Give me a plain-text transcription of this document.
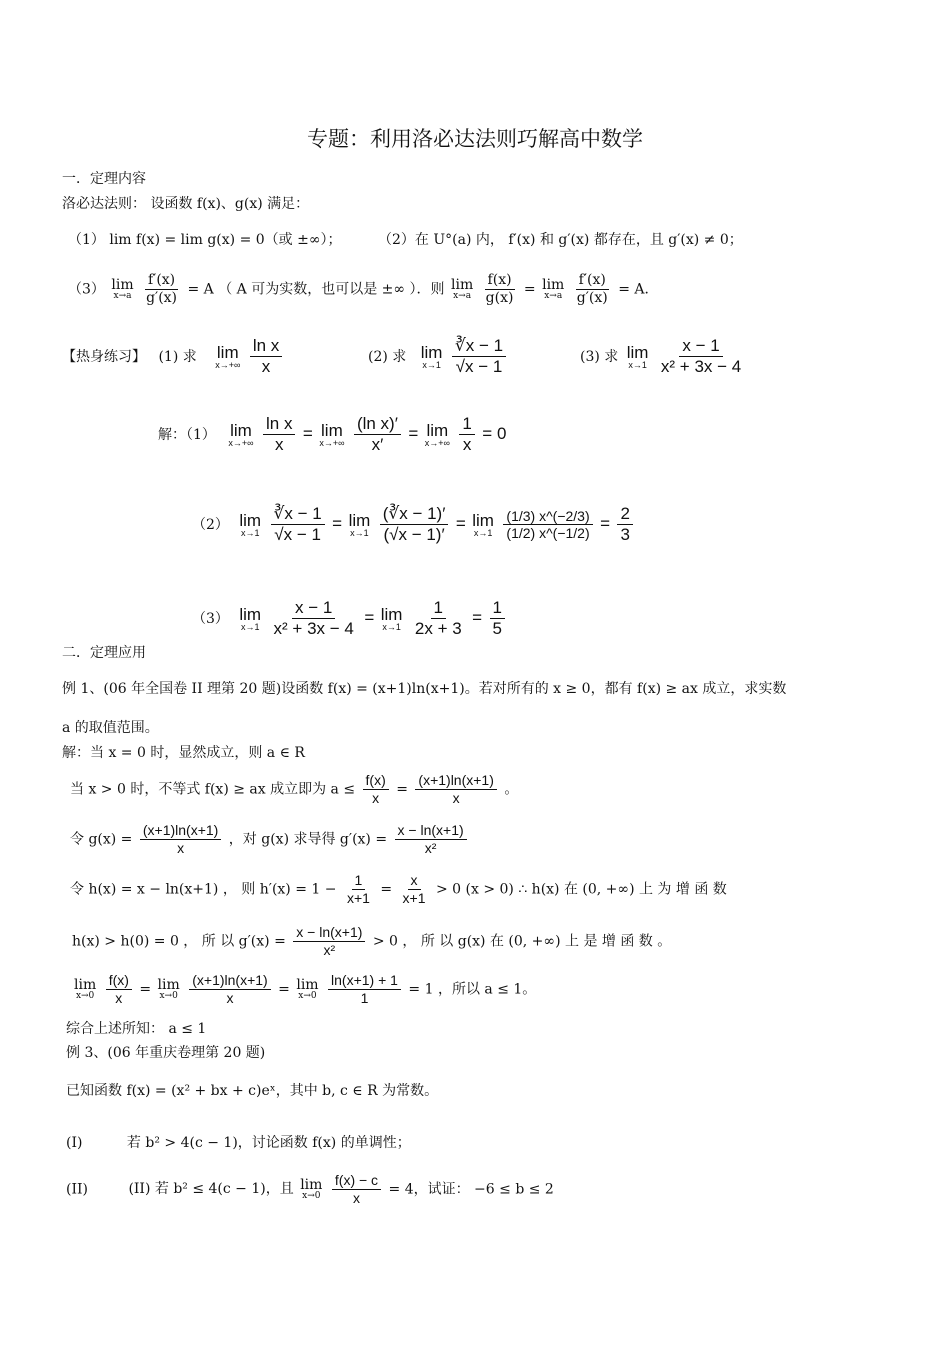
专题：利用洛必达法则巧解高中数学
一．定理内容
洛必达法则： 设函数 f(x)、g(x) 满足：
（1） lim f(x) = lim g(x) = 0（或 ±∞）；	（2）在 U°(a) 内， f′(x) 和 g′(x) 都存在，且 g′(x) ≠ 0；
（3） lim
x→a
$\frac{f'(x)}{g'(x)} = A$ （ A 可为实数，也可以是 ±∞ ）．则 lim
x→a
$\frac{f(x)}{g(x)} = \lim$
x→a
$\frac{f'(x)}{g'(x)} = A$．
【热身练习】 (1) 求 lim
x→+∞
$\frac{\text{ln x}}{x}$	(2) 求 lim
x→1
$\frac{∛x - 1}{√x - 1}$	(3) 求 lim
x→1
$\frac{x - 1}{\text{x² + 3x − 4}}$
解：（1） lim
x→+∞
$\frac{\text{ln x}}{x} = \lim$
x→+∞
$\frac{\text{(ln x)′}}{x'} = \lim$
x→+∞
$\frac{1}{x} = 0$
（2） lim
x→1
$\frac{∛x - 1}{√x - 1} = \lim$
x→1
$\frac{(∛x - 1)'}{(√x - 1)'} = \lim$
x→1
$\frac{(1/3) x\^{}(-2/3)}{(1/2) x\^{}(-1/2)} = \frac{2}{3}$
（3） lim
x→1
$\frac{x - 1}{\text{x² + 3x − 4}} = \lim$
x→1
$\frac{1}{2x + 3} = \frac{1}{5}$
二．定理应用
例 1、(06 年全国卷 II 理第 20 题)设函数 f(x) = (x+1)ln(x+1)。若对所有的 x ≥ 0，都有 f(x) ≥ ax 成立，求实数
a 的取值范围。
解：当 x = 0 时，显然成立，则 a ∈ R
当 x > 0 时，不等式 f(x) ≥ ax 成立即为 $a \le \frac{f(x)}{x} = \frac{(x+1)\ln(x+1)}{x}$ 。
令 $g(x) = \frac{(x+1)\ln(x+1)}{x}$ ，对 g(x) 求导得 $g'(x) = \frac{x - \ln(x+1)}{\text{x²}}$
令 h(x) = x − ln(x+1) ， 则 $h'(x) = 1 - \frac{1}{x+1} = \frac{x}{x+1} > 0$ (x > 0) ∴ h(x) 在 (0, +∞) 上 为 增 函 数
h(x) > h(0) = 0 ， 所 以 $g'(x) = \frac{x - \ln(x+1)}{\text{x²}} > 0$ ， 所 以 g(x) 在 (0, +∞) 上 是 增 函 数 。
lim
x→0
$\frac{f(x)}{x} = \lim$
x→0
$\frac{(x+1)\ln(x+1)}{x} = \lim$
x→0
$\frac{\ln(x+1) + 1}{1} = 1$ ，所以 a ≤ 1。
综合上述所知： a ≤ 1
例 3、(06 年重庆卷理第 20 题)
已知函数 f(x) = (x² + bx + c)eˣ，其中 b, c ∈ R 为常数。
(I)	若 b² > 4(c − 1)，讨论函数 f(x) 的单调性；
(II)	(II) 若 b² ≤ 4(c − 1)，且 lim
x→0
$\frac{f(x) - c}{x} = 4$，试证： −6 ≤ b ≤ 2
